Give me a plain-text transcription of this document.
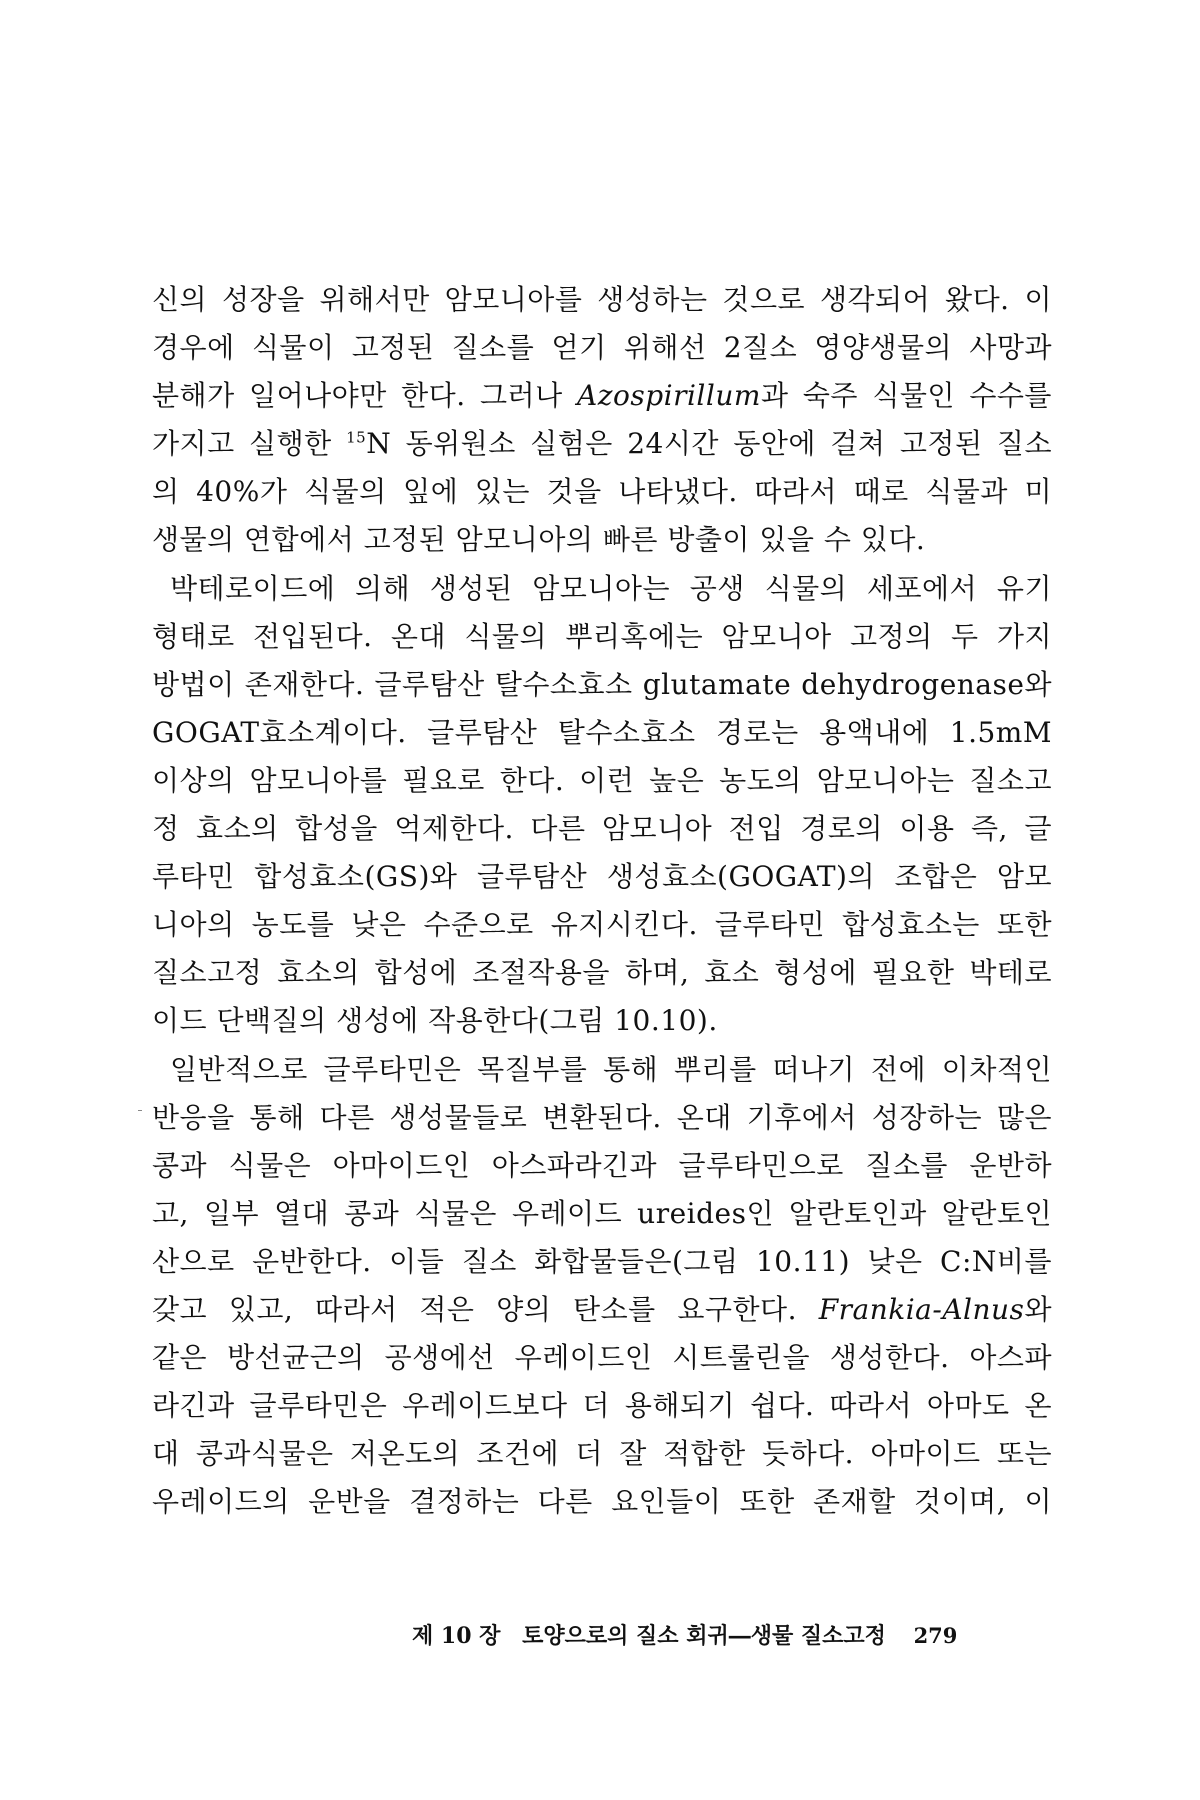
신의 성장을 위해서만 암모니아를 생성하는 것으로 생각되어 왔다. 이
경우에 식물이 고정된 질소를 얻기 위해선 2질소 영양생물의 사망과
분해가 일어나야만 한다. 그러나 Azospirillum과 숙주 식물인 수수를
가지고 실행한 $^{15}$N 동위원소 실험은 24시간 동안에 걸쳐 고정된 질소
의 40%가 식물의 잎에 있는 것을 나타냈다. 따라서 때로 식물과 미
생물의 연합에서 고정된 암모니아의 빠른 방출이 있을 수 있다.
박테로이드에 의해 생성된 암모니아는 공생 식물의 세포에서 유기
형태로 전입된다. 온대 식물의 뿌리혹에는 암모니아 고정의 두 가지
방법이 존재한다. 글루탐산 탈수소효소 glutamate dehydrogenase와
GOGAT효소계이다. 글루탐산 탈수소효소 경로는 용액내에 1.5mM
이상의 암모니아를 필요로 한다. 이런 높은 농도의 암모니아는 질소고
정 효소의 합성을 억제한다. 다른 암모니아 전입 경로의 이용 즉, 글
루타민 합성효소(GS)와 글루탐산 생성효소(GOGAT)의 조합은 암모
니아의 농도를 낮은 수준으로 유지시킨다. 글루타민 합성효소는 또한
질소고정 효소의 합성에 조절작용을 하며, 효소 형성에 필요한 박테로
이드 단백질의 생성에 작용한다(그림 10.10).
일반적으로 글루타민은 목질부를 통해 뿌리를 떠나기 전에 이차적인
반응을 통해 다른 생성물들로 변환된다. 온대 기후에서 성장하는 많은
콩과 식물은 아마이드인 아스파라긴과 글루타민으로 질소를 운반하
고, 일부 열대 콩과 식물은 우레이드 ureides인 알란토인과 알란토인
산으로 운반한다. 이들 질소 화합물들은(그림 10.11) 낮은 C:N비를
갖고 있고, 따라서 적은 양의 탄소를 요구한다. Frankia-Alnus와
같은 방선균근의 공생에선 우레이드인 시트룰린을 생성한다. 아스파
라긴과 글루타민은 우레이드보다 더 용해되기 쉽다. 따라서 아마도 온
대 콩과식물은 저온도의 조건에 더 잘 적합한 듯하다. 아마이드 또는
우레이드의 운반을 결정하는 다른 요인들이 또한 존재할 것이며, 이
제 10 장 토양으로의 질소 회귀―생물 질소고정 279
